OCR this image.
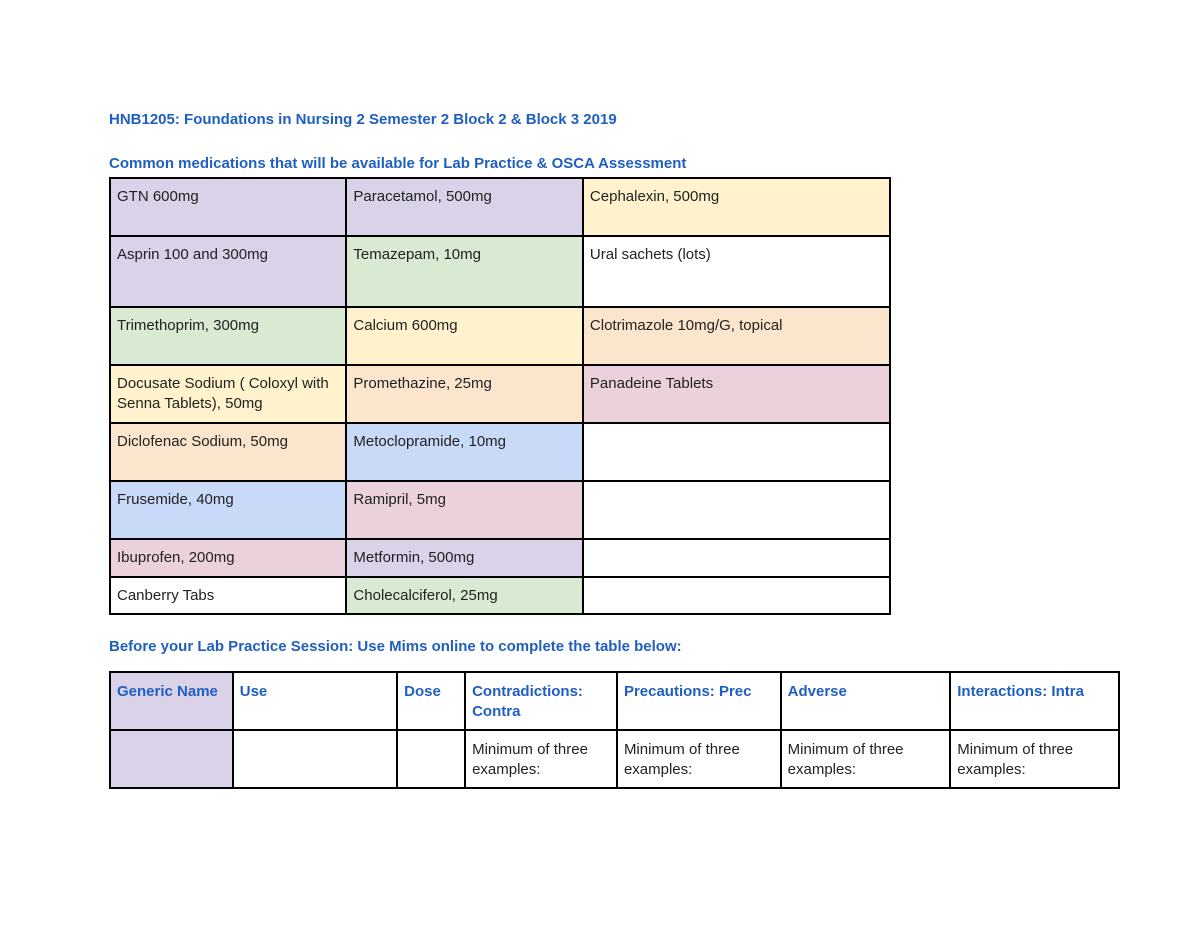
HNB1205: Foundations in Nursing 2 Semester 2 Block 2 & Block 3 2019

Common medications that will be available for Lab Practice & OSCA Assessment

GTN 600mg	Paracetamol, 500mg	Cephalexin, 500mg
Asprin 100 and 300mg	Temazepam, 10mg	Ural sachets (lots)
Trimethoprim, 300mg	Calcium 600mg	Clotrimazole 10mg/G, topical
Docusate Sodium ( Coloxyl with Senna Tablets), 50mg	Promethazine, 25mg	Panadeine Tablets
Diclofenac Sodium, 50mg	Metoclopramide, 10mg	
Frusemide, 40mg	Ramipril, 5mg	
Ibuprofen, 200mg	Metformin, 500mg	
Canberry Tabs	Cholecalciferol, 25mg	

Before your Lab Practice Session: Use Mims online to complete the table below:

Generic Name	Use	Dose	Contradictions: Contra	Precautions: Prec	Adverse	Interactions: Intra
			Minimum of three examples:	Minimum of three examples:	Minimum of three examples:	Minimum of three examples:
